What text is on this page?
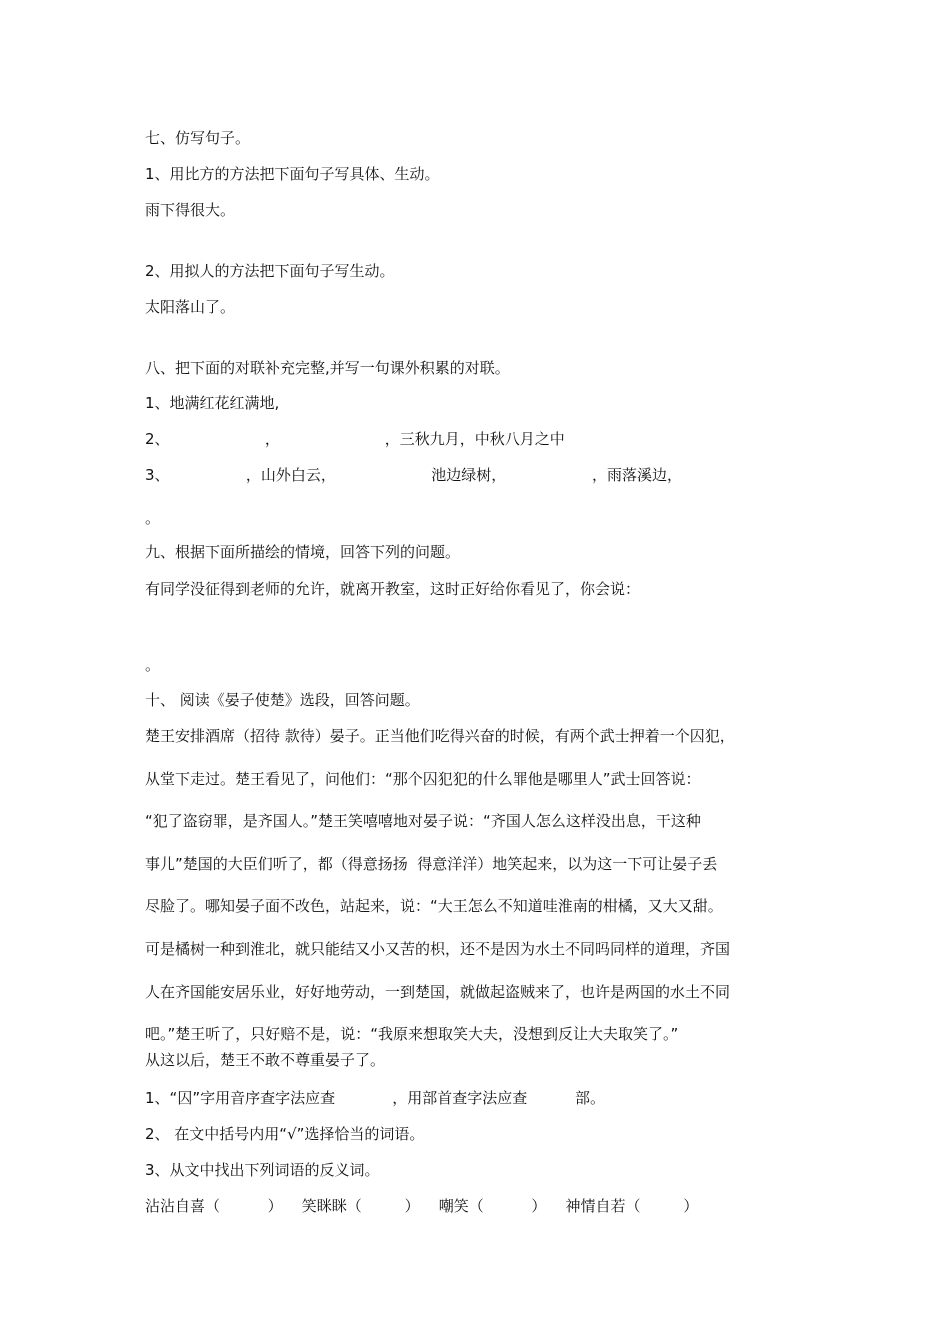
七、仿写句子。
1、用比方的方法把下面句子写具体、生动。
雨下得很大。
2、用拟人的方法把下面句子写生动。
太阳落山了。
八、把下面的对联补充完整,并写一句课外积累的对联。
1、地满红花红满地,
2、                    ，                      ，三秋九月，中秋八月之中
3、                ，山外白云，                    池边绿树，                  ，雨落溪边，
。
九、根据下面所描绘的情境，回答下列的问题。
有同学没征得到老师的允许，就离开教室，这时正好给你看见了，你会说：
。
十、 阅读《晏子使楚》选段，回答问题。
楚王安排酒席（招待 款待）晏子。正当他们吃得兴奋的时候，有两个武士押着一个囚犯，
从堂下走过。楚王看见了，问他们：“那个囚犯犯的什么罪他是哪里人”武士回答说：
“犯了盗窃罪，是齐国人。”楚王笑嘻嘻地对晏子说：“齐国人怎么这样没出息，干这种
事儿”楚国的大臣们听了，都（得意扬扬  得意洋洋）地笑起来，以为这一下可让晏子丢
尽脸了。哪知晏子面不改色，站起来，说：“大王怎么不知道哇淮南的柑橘，又大又甜。
可是橘树一种到淮北，就只能结又小又苦的枳，还不是因为水土不同吗同样的道理，齐国
人在齐国能安居乐业，好好地劳动，一到楚国，就做起盗贼来了，也许是两国的水土不同
吧。”楚王听了，只好赔不是，说：“我原来想取笑大夫，没想到反让大夫取笑了。”
从这以后，楚王不敢不尊重晏子了。
1、“囚”字用音序查字法应查            ，用部首查字法应查          部。
2、 在文中括号内用“√”选择恰当的词语。
3、从文中找出下列词语的反义词。
沾沾自喜（          ）    笑眯眯（         ）    嘲笑（          ）    神情自若（         ）
